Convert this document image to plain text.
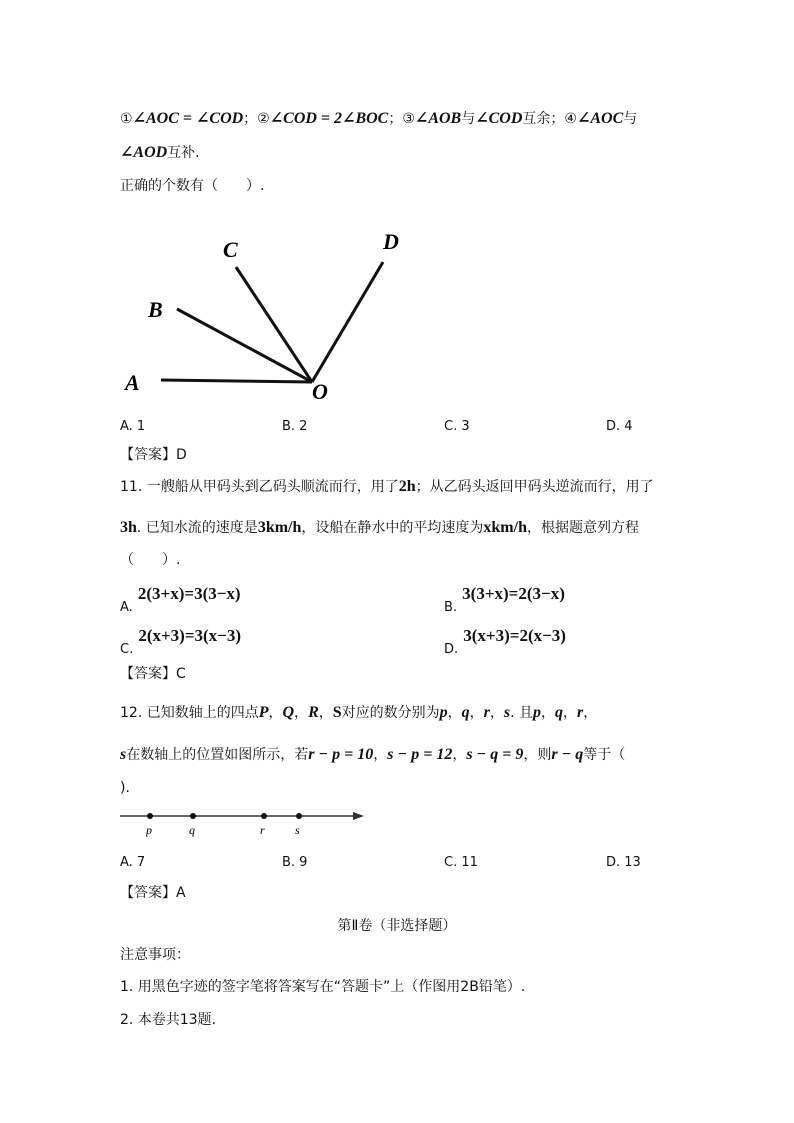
①∠AOC = ∠COD；②∠COD = 2∠BOC；③∠AOB与∠COD互余；④∠AOC与
∠AOD互补.
正确的个数有（　　）.
A
B
C	D
O
A. 1	B. 2	C. 3	D. 4
【答案】D
11. 一艘船从甲码头到乙码头顺流而行，用了2h；从乙码头返回甲码头逆流而行，用了
3h. 已知水流的速度是3km/h，设船在静水中的平均速度为xkm/h，根据题意列方程
（　　）.
$_{A.}$ 2(3+x)=3(3−x)
$_{B.}$ 3(3+x)=2(3−x)
$_{C.}$ 2(x+3)=3(x−3)
$_{D.}$ 3(x+3)=2(x−3)
【答案】C
12. 已知数轴上的四点P，Q，R，S对应的数分别为p，q，r，s. 且p，q，r，
s在数轴上的位置如图所示，若r − p = 10，s − p = 12，s − q = 9，则r − q等于（
).
p	q	r	s
A. 7	B. 9	C. 11	D. 13
【答案】A
第Ⅱ卷（非选择题）
注意事项：
1. 用黑色字迹的签字笔将答案写在“答题卡”上（作图用2B铅笔）.
2. 本卷共13题.
